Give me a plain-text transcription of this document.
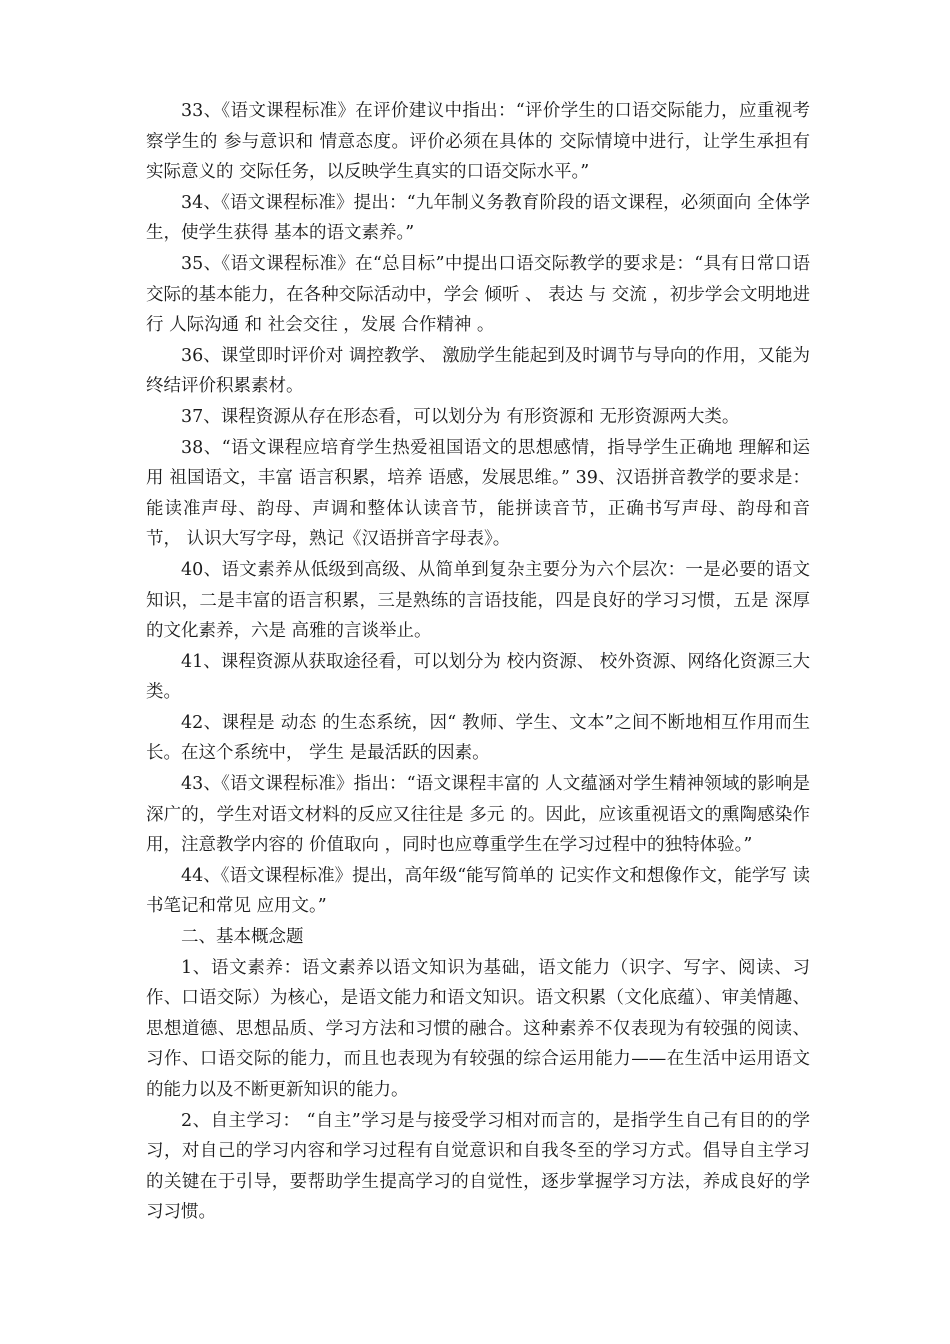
33、《语文课程标准》在评价建议中指出：“评价学生的口语交际能力，应重视考察学生的 参与意识和 情意态度。评价必须在具体的 交际情境中进行，让学生承担有实际意义的 交际任务，以反映学生真实的口语交际水平。”

34、《语文课程标准》提出：“九年制义务教育阶段的语文课程，必须面向 全体学生，使学生获得 基本的语文素养。”

35、《语文课程标准》在“总目标”中提出口语交际教学的要求是：“具有日常口语交际的基本能力，在各种交际活动中，学会 倾听 、 表达 与 交流 ，初步学会文明地进行 人际沟通 和 社会交往 ，发展 合作精神 。

36、课堂即时评价对 调控教学、 激励学生能起到及时调节与导向的作用，又能为终结评价积累素材。

37、课程资源从存在形态看，可以划分为 有形资源和 无形资源两大类。

38、“语文课程应培育学生热爱祖国语文的思想感情，指导学生正确地 理解和运用 祖国语文，丰富 语言积累，培养 语感，发展思维。” 39、汉语拼音教学的要求是：能读准声母、韵母、声调和整体认读音节，能拼读音节，正确书写声母、韵母和音节， 认识大写字母，熟记《汉语拼音字母表》。

40、语文素养从低级到高级、从简单到复杂主要分为六个层次：一是必要的语文知识，二是丰富的语言积累，三是熟练的言语技能，四是良好的学习习惯，五是 深厚的文化素养，六是 高雅的言谈举止。

41、课程资源从获取途径看，可以划分为 校内资源、 校外资源、网络化资源三大类。

42、课程是 动态 的生态系统，因“ 教师、学生、文本”之间不断地相互作用而生长。在这个系统中， 学生 是最活跃的因素。

43、《语文课程标准》指出：“语文课程丰富的 人文蕴涵对学生精神领域的影响是深广的，学生对语文材料的反应又往往是 多元 的。因此，应该重视语文的熏陶感染作用，注意教学内容的 价值取向 ，同时也应尊重学生在学习过程中的独特体验。”

44、《语文课程标准》提出，高年级“能写简单的 记实作文和想像作文，能学写 读书笔记和常见 应用文。”

二、基本概念题

1、语文素养：语文素养以语文知识为基础，语文能力（识字、写字、阅读、习作、口语交际）为核心，是语文能力和语文知识。语文积累（文化底蕴）、审美情趣、思想道德、思想品质、学习方法和习惯的融合。这种素养不仅表现为有较强的阅读、习作、口语交际的能力，而且也表现为有较强的综合运用能力——在生活中运用语文的能力以及不断更新知识的能力。

2、自主学习： “自主”学习是与接受学习相对而言的，是指学生自己有目的的学习，对自己的学习内容和学习过程有自觉意识和自我冬至的学习方式。倡导自主学习的关键在于引导，要帮助学生提高学习的自觉性，逐步掌握学习方法，养成良好的学习习惯。
